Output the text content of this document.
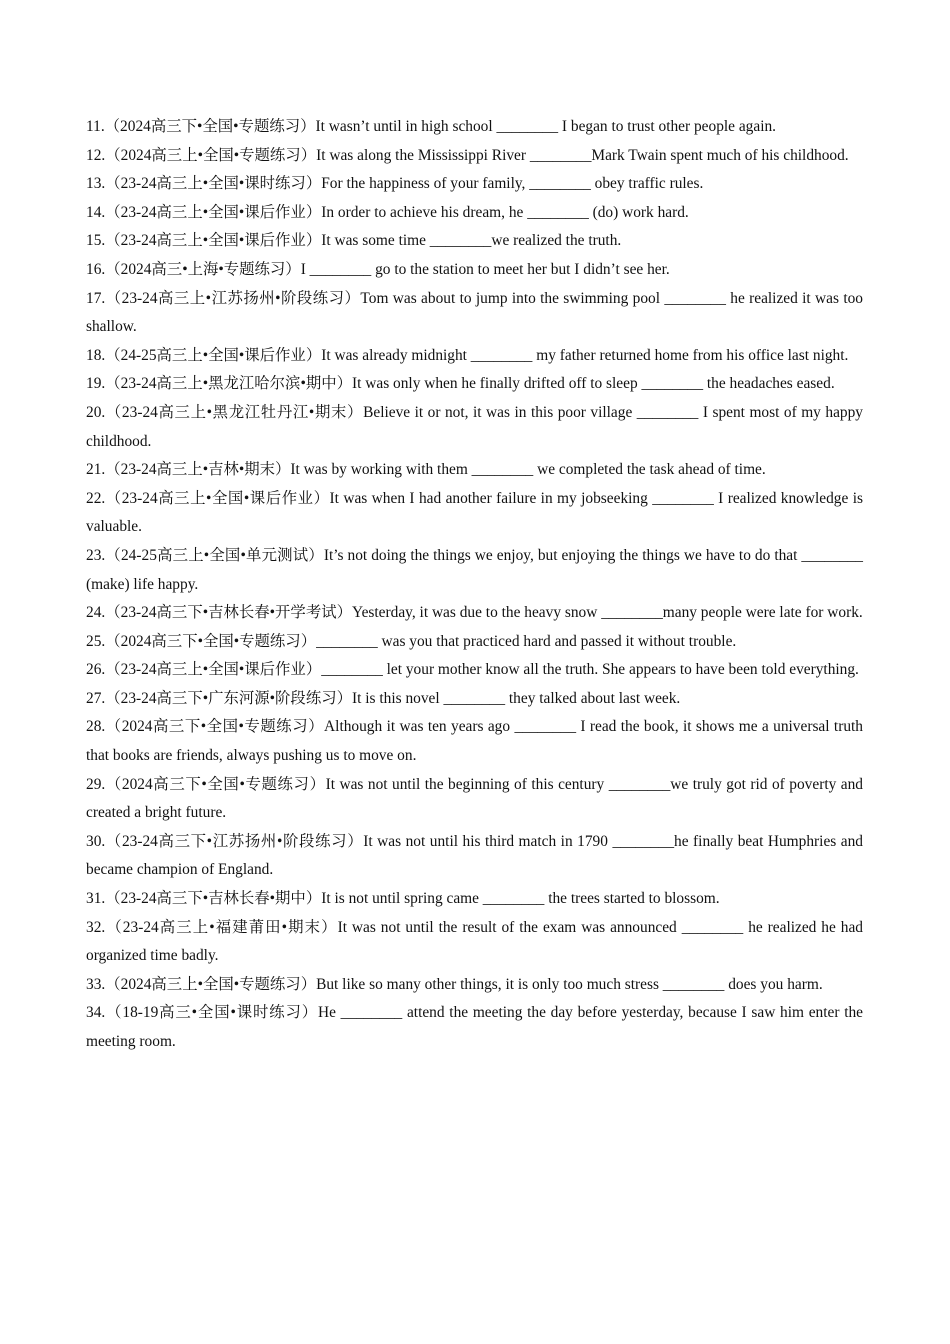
11.（2024高三下•全国•专题练习）It wasn’t until in high school ________ I began to trust other people again.

12.（2024高三上•全国•专题练习）It was along the Mississippi River ________Mark Twain spent much of his childhood.

13.（23-24高三上•全国•课时练习）For the happiness of your family, ________ obey traffic rules.

14.（23-24高三上•全国•课后作业）In order to achieve his dream, he ________ (do) work hard.

15.（23-24高三上•全国•课后作业）It was some time ________we realized the truth.

16.（2024高三•上海•专题练习）I ________ go to the station to meet her but I didn’t see her.

17.（23-24高三上•江苏扬州•阶段练习）Tom was about to jump into the swimming pool ________ he realized it was too shallow.

18.（24-25高三上•全国•课后作业）It was already midnight ________ my father returned home from his office last night.

19.（23-24高三上•黑龙江哈尔滨•期中）It was only when he finally drifted off to sleep ________ the headaches eased.

20.（23-24高三上•黑龙江牡丹江•期末）Believe it or not, it was in this poor village ________ I spent most of my happy childhood.

21.（23-24高三上•吉林•期末）It was by working with them ________ we completed the task ahead of time.

22.（23-24高三上•全国•课后作业）It was when I had another failure in my jobseeking ________ I realized knowledge is valuable.

23.（24-25高三上•全国•单元测试）It’s not doing the things we enjoy, but enjoying the things we have to do that ________ (make) life happy.

24.（23-24高三下•吉林长春•开学考试）Yesterday, it was due to the heavy snow ________many people were late for work.

25.（2024高三下•全国•专题练习）________ was you that practiced hard and passed it without trouble.

26.（23-24高三上•全国•课后作业）________ let your mother know all the truth. She appears to have been told everything.

27.（23-24高三下•广东河源•阶段练习）It is this novel ________ they talked about last week.

28.（2024高三下•全国•专题练习）Although it was ten years ago ________ I read the book, it shows me a universal truth that books are friends, always pushing us to move on.

29.（2024高三下•全国•专题练习）It was not until the beginning of this century ________we truly got rid of poverty and created a bright future.

30.（23-24高三下•江苏扬州•阶段练习）It was not until his third match in 1790 ________he finally beat Humphries and became champion of England.

31.（23-24高三下•吉林长春•期中）It is not until spring came ________ the trees started to blossom.

32.（23-24高三上•福建莆田•期末）It was not until the result of the exam was announced ________ he realized he had organized time badly.

33.（2024高三上•全国•专题练习）But like so many other things, it is only too much stress ________ does you harm.

34.（18-19高三•全国•课时练习）He ________ attend the meeting the day before yesterday, because I saw him enter the meeting room.
